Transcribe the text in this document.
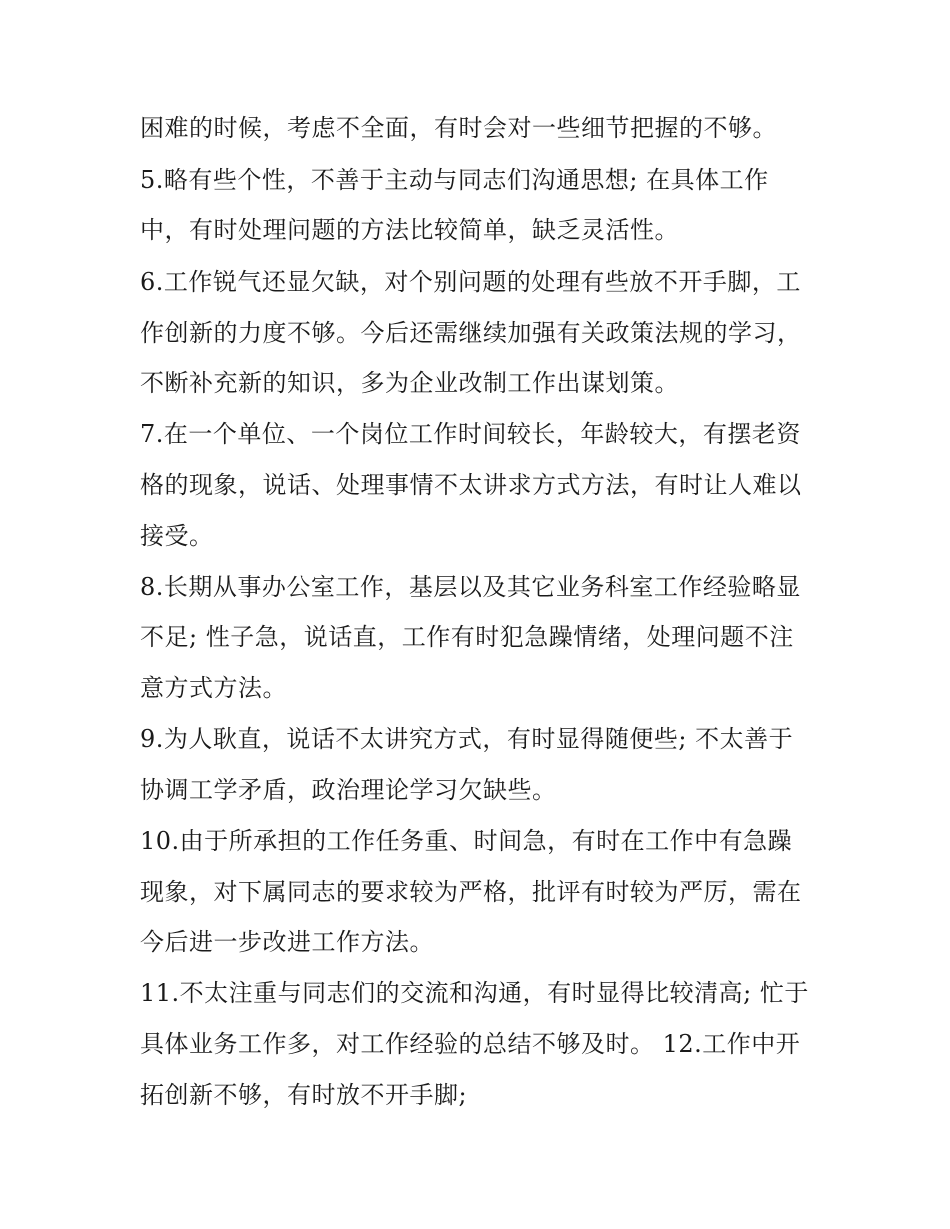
困难的时候，考虑不全面，有时会对一些细节把握的不够。
5.略有些个性，不善于主动与同志们沟通思想; 在具体工作
中，有时处理问题的方法比较简单，缺乏灵活性。
6.工作锐气还显欠缺，对个别问题的处理有些放不开手脚，工
作创新的力度不够。今后还需继续加强有关政策法规的学习，
不断补充新的知识，多为企业改制工作出谋划策。
7.在一个单位、一个岗位工作时间较长，年龄较大，有摆老资
格的现象，说话、处理事情不太讲求方式方法，有时让人难以
接受。
8.长期从事办公室工作，基层以及其它业务科室工作经验略显
不足; 性子急，说话直，工作有时犯急躁情绪，处理问题不注
意方式方法。
9.为人耿直，说话不太讲究方式，有时显得随便些; 不太善于
协调工学矛盾，政治理论学习欠缺些。
10.由于所承担的工作任务重、时间急，有时在工作中有急躁
现象，对下属同志的要求较为严格，批评有时较为严厉，需在
今后进一步改进工作方法。
11.不太注重与同志们的交流和沟通，有时显得比较清高; 忙于
具体业务工作多，对工作经验的总结不够及时。 12.工作中开
拓创新不够，有时放不开手脚;
